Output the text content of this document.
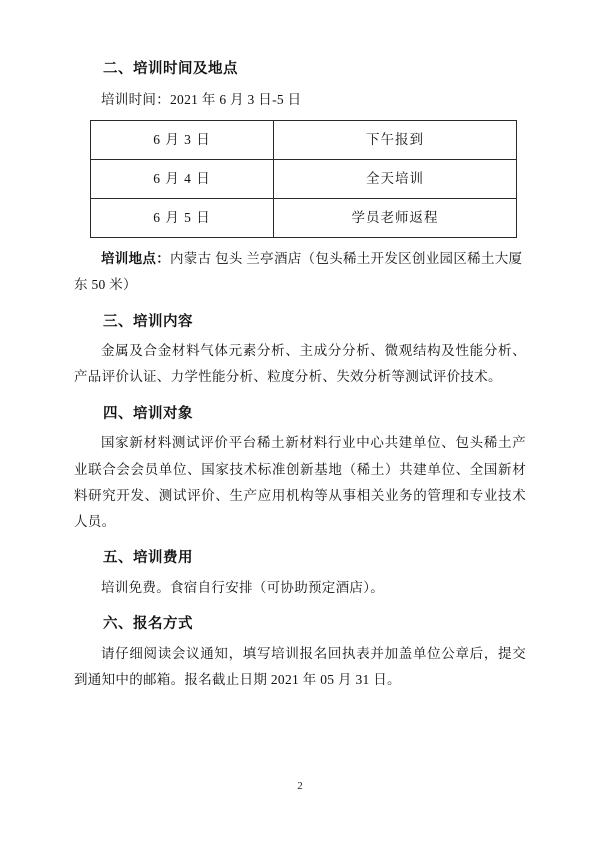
二、培训时间及地点
培训时间：2021 年 6 月 3 日-5 日
6 月 3 日	下午报到
6 月 4 日	全天培训
6 月 5 日	学员老师返程
培训地点：内蒙古 包头 兰亭酒店（包头稀土开发区创业园区稀土大厦东 50 米）
三、培训内容

金属及合金材料气体元素分析、主成分分析、微观结构及性能分析、产品评价认证、力学性能分析、粒度分析、失效分析等测试评价技术。

四、培训对象

国家新材料测试评价平台稀土新材料行业中心共建单位、包头稀土产业联合会会员单位、国家技术标准创新基地（稀土）共建单位、全国新材料研究开发、测试评价、生产应用机构等从事相关业务的管理和专业技术人员。

五、培训费用

培训免费。食宿自行安排（可协助预定酒店）。

六、报名方式

请仔细阅读会议通知，填写培训报名回执表并加盖单位公章后，提交到通知中的邮箱。报名截止日期 2021 年 05 月 31 日。

2
